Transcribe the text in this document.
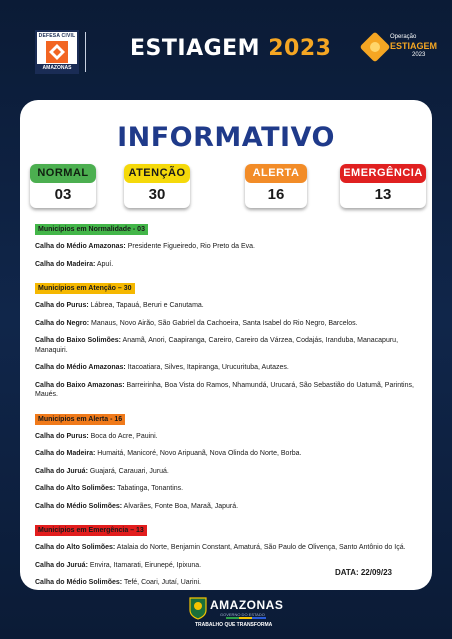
DEFESA CIVIL
AMAZONAS
ESTIAGEM 2023	Operação
ESTIAGEM
2023
INFORMATIVO
NORMAL
03
ATENÇÃO
30
ALERTA
16
EMERGÊNCIA
13
Municípios em Normalidade - 03
Calha do Médio Amazonas: Presidente Figueiredo, Rio Preto da Eva.
Calha do Madeira: Apuí.
Municípios em Atenção – 30
Calha do Purus: Lábrea, Tapauá, Beruri e Canutama.
Calha do Negro: Manaus, Novo Airão, São Gabriel da Cachoeira, Santa Isabel do Rio Negro, Barcelos.
Calha do Baixo Solimões: Anamã, Anori, Caapiranga, Careiro, Careiro da Várzea, Codajás, Iranduba, Manacapuru, Manaquiri.
Calha do Médio Amazonas: Itacoatiara, Silves, Itapiranga, Urucurituba, Autazes.
Calha do Baixo Amazonas: Barreirinha, Boa Vista do Ramos, Nhamundá, Urucará, São Sebastião do Uatumã, Parintins, Maués.
Municípios em Alerta - 16
Calha do Purus: Boca do Acre, Pauini.
Calha do Madeira: Humaitá, Manicoré, Novo Aripuanã, Nova Olinda do Norte, Borba.
Calha do Juruá: Guajará, Carauari, Juruá.
Calha do Alto Solimões: Tabatinga, Tonantins.
Calha do Médio Solimões: Alvarães, Fonte Boa, Maraã, Japurá.
Municípios em Emergência – 13
Calha do Alto Solimões: Atalaia do Norte, Benjamin Constant, Amaturá, São Paulo de Olivença, Santo Antônio do Içá.
Calha do Juruá: Envira, Itamarati, Eirunepé, Ipixuna.
Calha do Médio Solimões: Tefé, Coari, Jutaí, Uarini.
DATA: 22/09/23
AMAZONAS
GOVERNO DO ESTADO
TRABALHO QUE TRANSFORMA
